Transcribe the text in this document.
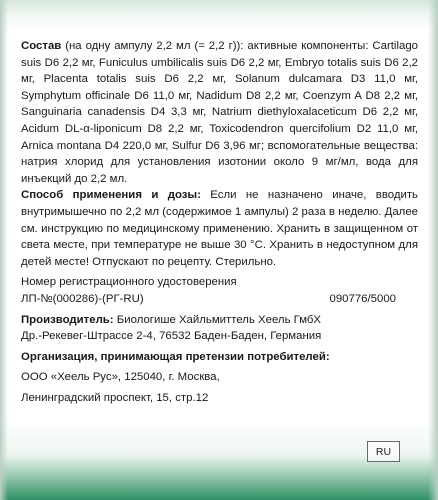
Состав (на одну ампулу 2,2 мл (= 2,2 г)): активные компоненты: Cartilago suis D6 2,2 мг, Funiculus umbilicalis suis D6 2,2 мг, Embryo totalis suis D6 2,2 мг, Placenta totalis suis D6 2,2 мг, Solanum dulcamara D3 11,0 мг, Symphytum officinale D6 11,0 мг, Nadidum D8 2,2 мг, Coenzym A D8 2,2 мг, Sanguinaria canadensis D4 3,3 мг, Natrium diethyloxalaceticum D6 2,2 мг, Acidum DL-α-liponicum D8 2,2 мг, Toxicodendron quercifolium D2 11,0 мг, Arnica montana D4 220,0 мг, Sulfur D6 3,96 мг; вспомогательные вещества: натрия хлорид для установления изотонии около 9 мг/мл, вода для инъекций до 2,2 мл.

Способ применения и дозы: Если не назначено иначе, вводить внутримышечно по 2,2 мл (содержимое 1 ампулы) 2 раза в неделю. Далее см. инструкцию по медицинскому применению. Хранить в защищенном от света месте, при температуре не выше 30 °С. Хранить в недоступном для детей месте! Отпускают по рецепту. Стерильно.

Номер регистрационного удостоверения

ЛП-№(000286)-(РГ-RU)	090776/5000

Производитель: Биологише Хайльмиттель Хеель ГмбХ

Др.-Рекевег-Штрассе 2-4, 76532 Баден-Баден, Германия

Организация, принимающая претензии потребителей:

ООО «Хеель Рус», 125040, г. Москва,

Ленинградский проспект, 15, стр.12

RU
